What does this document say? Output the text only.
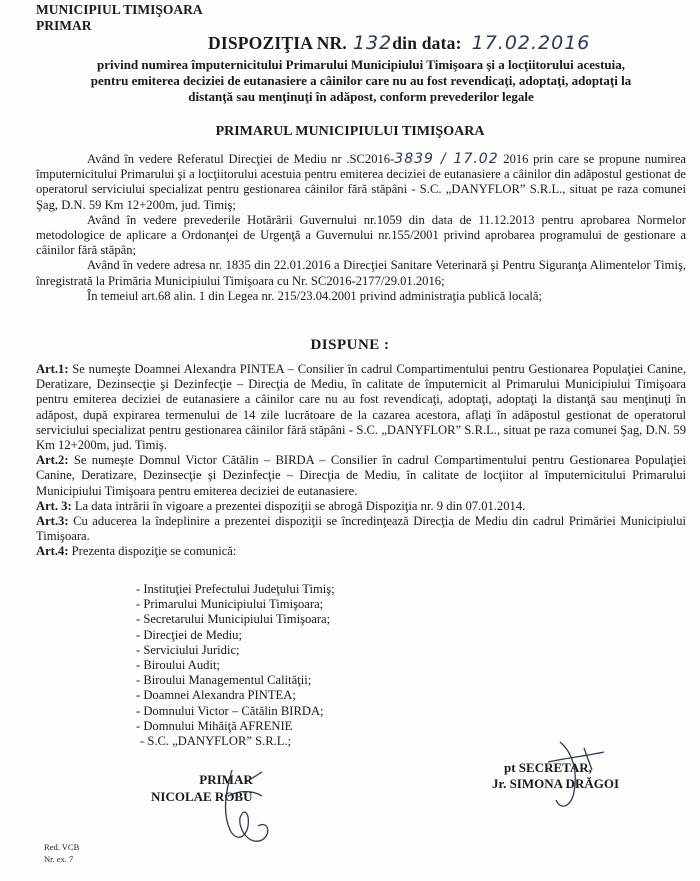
MUNICIPIUL TIMIŞOARA
PRIMAR
DISPOZIŢIA NR. 132din data: 17.02.2016
privind numirea împuternicitului Primarului Municipiului Timişoara şi a locţiitorului acestuia,
pentru emiterea deciziei de eutanasiere a câinilor care nu au fost revendicaţi, adoptaţi, adoptaţi la
distanţă sau menţinuţi în adăpost, conform prevederilor legale
PRIMARUL MUNICIPIULUI TIMIŞOARA

Având în vedere Referatul Direcţiei de Mediu nr .SC2016-3839 / 17.02 2016 prin care se propune numirea împuternicitului Primarului şi a locţiitorului acestuia pentru emiterea deciziei de eutanasiere a câinilor din adăpostul gestionat de operatorul serviciului specializat pentru gestionarea câinilor fără stăpâni - S.C. „DANYFLOR” S.R.L., situat pe raza comunei Şag, D.N. 59 Km 12+200m, jud. Timiş;

Având în vedere prevederile Hotărârii Guvernului nr.1059 din data de 11.12.2013 pentru aprobarea Normelor metodologice de aplicare a Ordonanţei de Urgenţă a Guvernului nr.155/2001 privind aprobarea programului de gestionare a câinilor fără stăpân;

Având în vedere adresa nr. 1835 din 22.01.2016 a Direcţiei Sanitare Veterinară şi Pentru Siguranţa Alimentelor Timiş, înregistrată la Primăria Municipiului Timişoara cu Nr. SC2016-2177/29.01.2016;

În temeiul art.68 alin. 1 din Legea nr. 215/23.04.2001 privind administraţia publică locală;

DISPUNE :

Art.1: Se numeşte Doamnei Alexandra PINTEA – Consilier în cadrul Compartimentului pentru Gestionarea Populaţiei Canine, Deratizare, Dezinsecţie şi Dezinfecţie – Direcţia de Mediu, în calitate de împuternicit al Primarului Municipiului Timişoara pentru emiterea deciziei de eutanasiere a câinilor care nu au fost revendicaţi, adoptaţi, adoptaţi la distanţă sau menţinuţi în adăpost, după expirarea termenului de 14 zile lucrătoare de la cazarea acestora, aflaţi în adăpostul gestionat de operatorul serviciului specializat pentru gestionarea câinilor fără stăpâni - S.C. „DANYFLOR” S.R.L., situat pe raza comunei Şag, D.N. 59 Km 12+200m, jud. Timiş.

Art.2: Se numeşte Domnul Victor Cătălin – BIRDA – Consilier în cadrul Compartimentului pentru Gestionarea Populaţiei Canine, Deratizare, Dezinsecţie şi Dezinfecţie – Direcţia de Mediu, în calitate de locţiitor al împuternicitului Primarului Municipiului Timişoara pentru emiterea deciziei de eutanasiere.

Art. 3: La data intrării în vigoare a prezentei dispoziţii se abrogă Dispoziţia nr. 9 din 07.01.2014.

Art.3: Cu aducerea la îndeplinire a prezentei dispoziţii se încredinţează Direcţia de Mediu din cadrul Primăriei Municipiului Timişoara.

Art.4: Prezenta dispoziţie se comunică:

- Instituţiei Prefectului Judeţului Timiş;
- Primarului Municipiului Timişoara;
- Secretarului Municipiului Timişoara;
- Direcţiei de Mediu;
- Serviciului Juridic;
- Biroului Audit;
- Biroului Managementul Calităţii;
- Doamnei Alexandra PINTEA;
- Domnului Victor – Cătălin BIRDA;
- Domnului Mihăiţă AFRENIE
- S.C. „DANYFLOR” S.R.L.;
PRIMAR
NICOLAE ROBU
pt SECRETAR,
Jr. SIMONA DRĂGOI
Red. VCB
Nr. ex. 7
